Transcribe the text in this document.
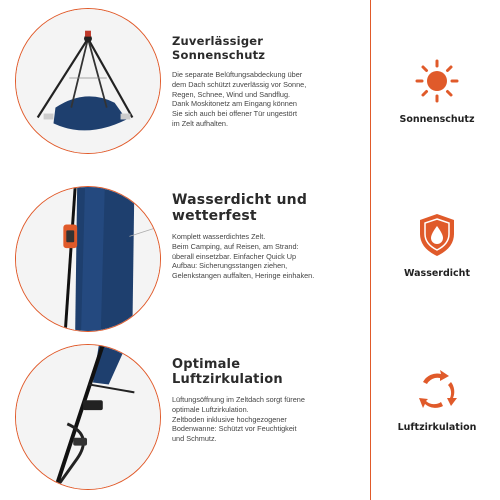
Zuverlässiger
Sonnenschutz

Die separate Belüftungsabdeckung über
dem Dach schützt zuverlässig vor Sonne,
Regen, Schnee, Wind und Sandflug.
Dank Moskitonetz am Eingang können
Sie sich auch bei offener Tür ungestört
im Zelt aufhalten.

Wasserdicht und
wetterfest

Komplett wasserdichtes Zelt.
Beim Camping, auf Reisen, am Strand:
überall einsetzbar. Einfacher Quick Up
Aufbau: Sicherungsstangen ziehen,
Gelenkstangen auffalten, Heringe einhaken.

Optimale
Luftzirkulation

Lüftungsöffnung im Zeltdach sorgt fürene
optimale Luftzirkulation.
Zeltboden inklusive hochgezogener
Bodenwanne: Schützt vor Feuchtigkeit
und Schmutz.

Sonnenschutz
Wasserdicht
Luftzirkulation
